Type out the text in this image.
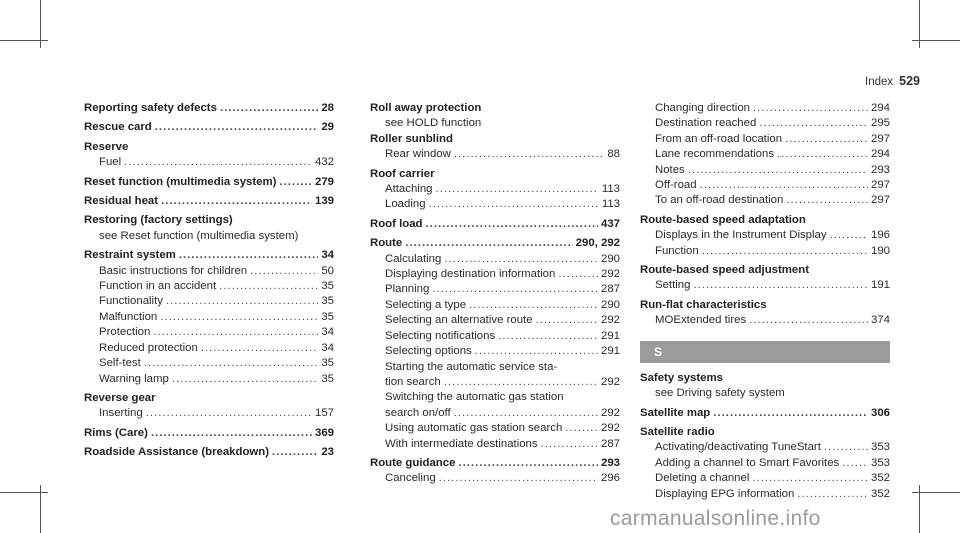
Index 529
Reporting safety defects .....	28
Rescue card .....	29
Reserve
Fuel .....	432
Reset function (multimedia system) .....	279
Residual heat .....	139
Restoring (factory settings)
see Reset function (multimedia system)
Restraint system .....	34
Basic instructions for children .....	50
Function in an accident .....	35
Functionality .....	35
Malfunction .....	35
Protection .....	34
Reduced protection .....	34
Self-test .....	35
Warning lamp .....	35
Reverse gear
Inserting .....	157
Rims (Care) .....	369
Roadside Assistance (breakdown) .....	23
Roll away protection
see HOLD function
Roller sunblind
Rear window .....	88
Roof carrier
Attaching .....	113
Loading .....	113
Roof load .....	437
Route .....	290, 292
Calculating .....	290
Displaying destination information .....	292
Planning .....	287
Selecting a type .....	290
Selecting an alternative route .....	292
Selecting notifications .....	291
Selecting options .....	291
Starting the automatic service sta-
tion search .....	292
Switching the automatic gas station
search on/off .....	292
Using automatic gas station search .....	292
With intermediate destinations .....	287
Route guidance .....	293
Canceling .....	296
Changing direction .....	294
Destination reached .....	295
From an off-road location .....	297
Lane recommendations .....	294
Notes .....	293
Off-road .....	297
To an off-road destination .....	297
Route-based speed adaptation
Displays in the Instrument Display .....	196
Function .....	190
Route-based speed adjustment
Setting .....	191
Run-flat characteristics
MOExtended tires .....	374
S
Safety systems
see Driving safety system
Satellite map .....	306
Satellite radio
Activating/deactivating TuneStart .....	353
Adding a channel to Smart Favorites .....	353
Deleting a channel .....	352
Displaying EPG information .....	352
carmanualsonline.info
